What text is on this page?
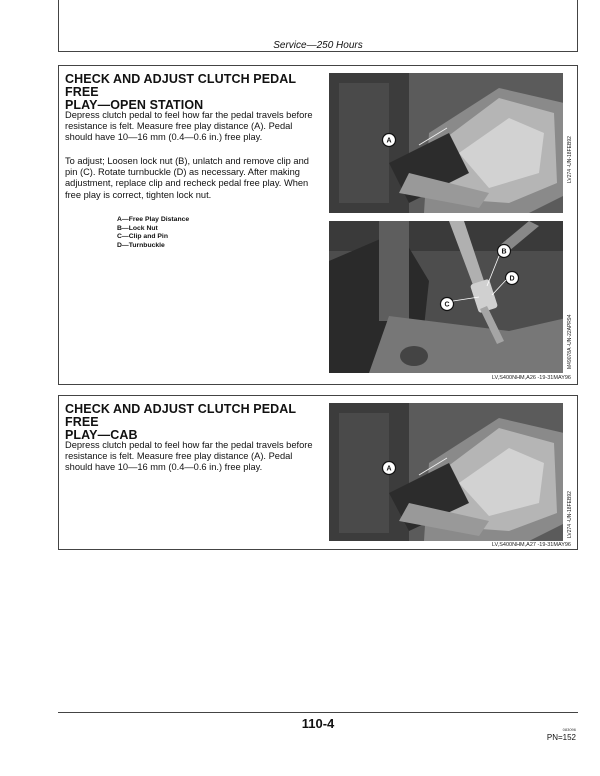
Service—250 Hours
CHECK AND ADJUST CLUTCH PEDAL FREE
PLAY—OPEN STATION
Depress clutch pedal to feel how far the pedal travels before resistance is felt. Measure free play distance (A). Pedal should have 10—16 mm (0.4—0.6 in.) free play.
To adjust; Loosen lock nut (B), unlatch and remove clip and pin (C). Rotate turnbuckle (D) as necessary. After making adjustment, replace clip and recheck pedal free play. When free play is correct, tighten lock nut.
A—Free Play Distance
B—Lock Nut
C—Clip and Pin
D—Turnbuckle
A	LV274 -UN-18FEB92
B
D
C
M49078A -UN-22APR94
LV,S400NHM,A26 -19-31MAY96
CHECK AND ADJUST CLUTCH PEDAL FREE
PLAY—CAB
Depress clutch pedal to feel how far the pedal travels before resistance is felt. Measure free play distance (A). Pedal should have 10—16 mm (0.4—0.6 in.) free play.	A
LV274 -UN-18FEB92
LV,S400NHM,A27 -19-31MAY96
110-4	083096
PN=152
